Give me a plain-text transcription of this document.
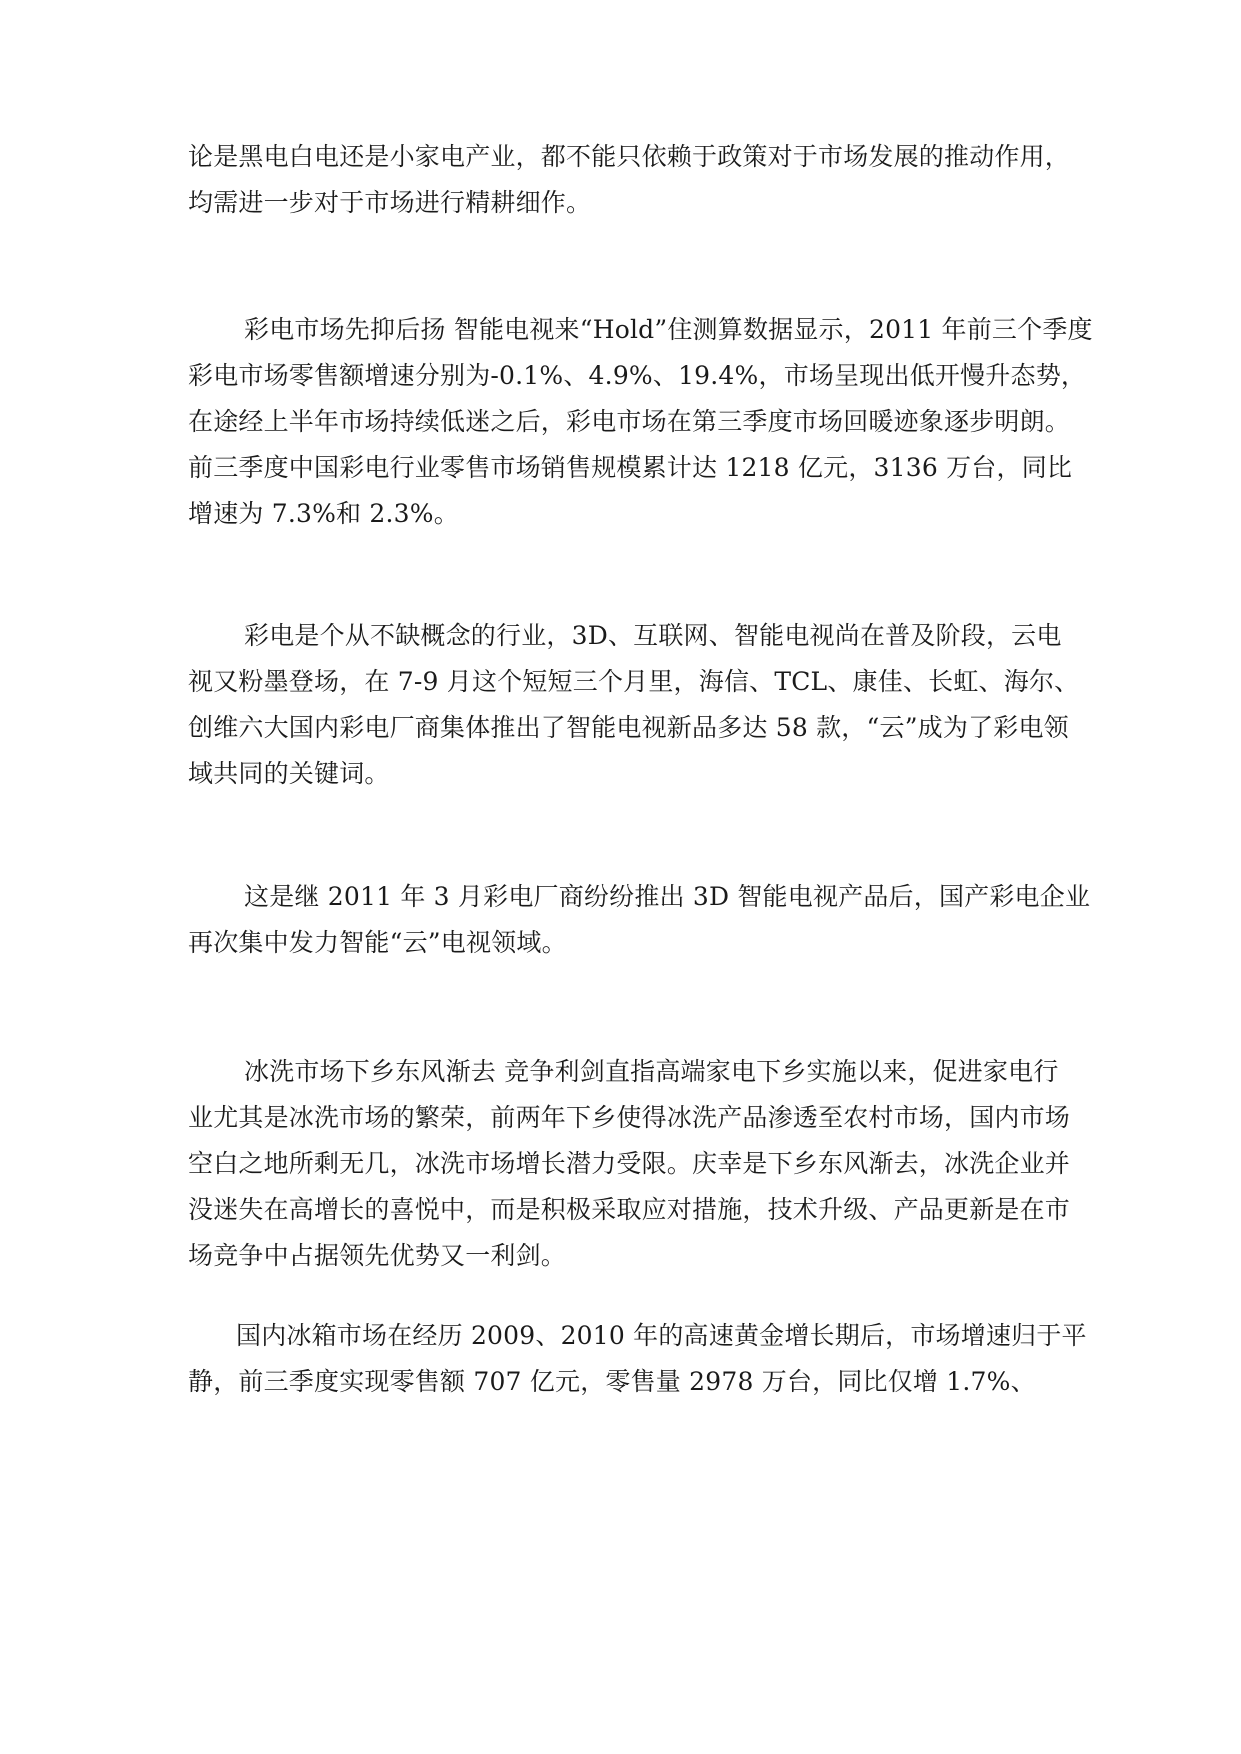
论是黑电白电还是小家电产业，都不能只依赖于政策对于市场发展的推动作用，
均需进一步对于市场进行精耕细作。

彩电市场先抑后扬 智能电视来“Hold”住测算数据显示，2011 年前三个季度
彩电市场零售额增速分别为-0.1%、4.9%、19.4%，市场呈现出低开慢升态势，
在途经上半年市场持续低迷之后，彩电市场在第三季度市场回暖迹象逐步明朗。
前三季度中国彩电行业零售市场销售规模累计达 1218 亿元，3136 万台，同比
增速为 7.3%和 2.3%。

彩电是个从不缺概念的行业，3D、互联网、智能电视尚在普及阶段，云电
视又粉墨登场，在 7-9 月这个短短三个月里，海信、TCL、康佳、长虹、海尔、
创维六大国内彩电厂商集体推出了智能电视新品多达 58 款，“云”成为了彩电领
域共同的关键词。

这是继 2011 年 3 月彩电厂商纷纷推出 3D 智能电视产品后，国产彩电企业
再次集中发力智能“云”电视领域。

冰洗市场下乡东风渐去 竞争利剑直指高端家电下乡实施以来，促进家电行
业尤其是冰洗市场的繁荣，前两年下乡使得冰洗产品渗透至农村市场，国内市场
空白之地所剩无几，冰洗市场增长潜力受限。庆幸是下乡东风渐去，冰洗企业并
没迷失在高增长的喜悦中，而是积极采取应对措施，技术升级、产品更新是在市
场竞争中占据领先优势又一利剑。

国内冰箱市场在经历 2009、2010 年的高速黄金增长期后，市场增速归于平
静，前三季度实现零售额 707 亿元，零售量 2978 万台，同比仅增 1.7%、
